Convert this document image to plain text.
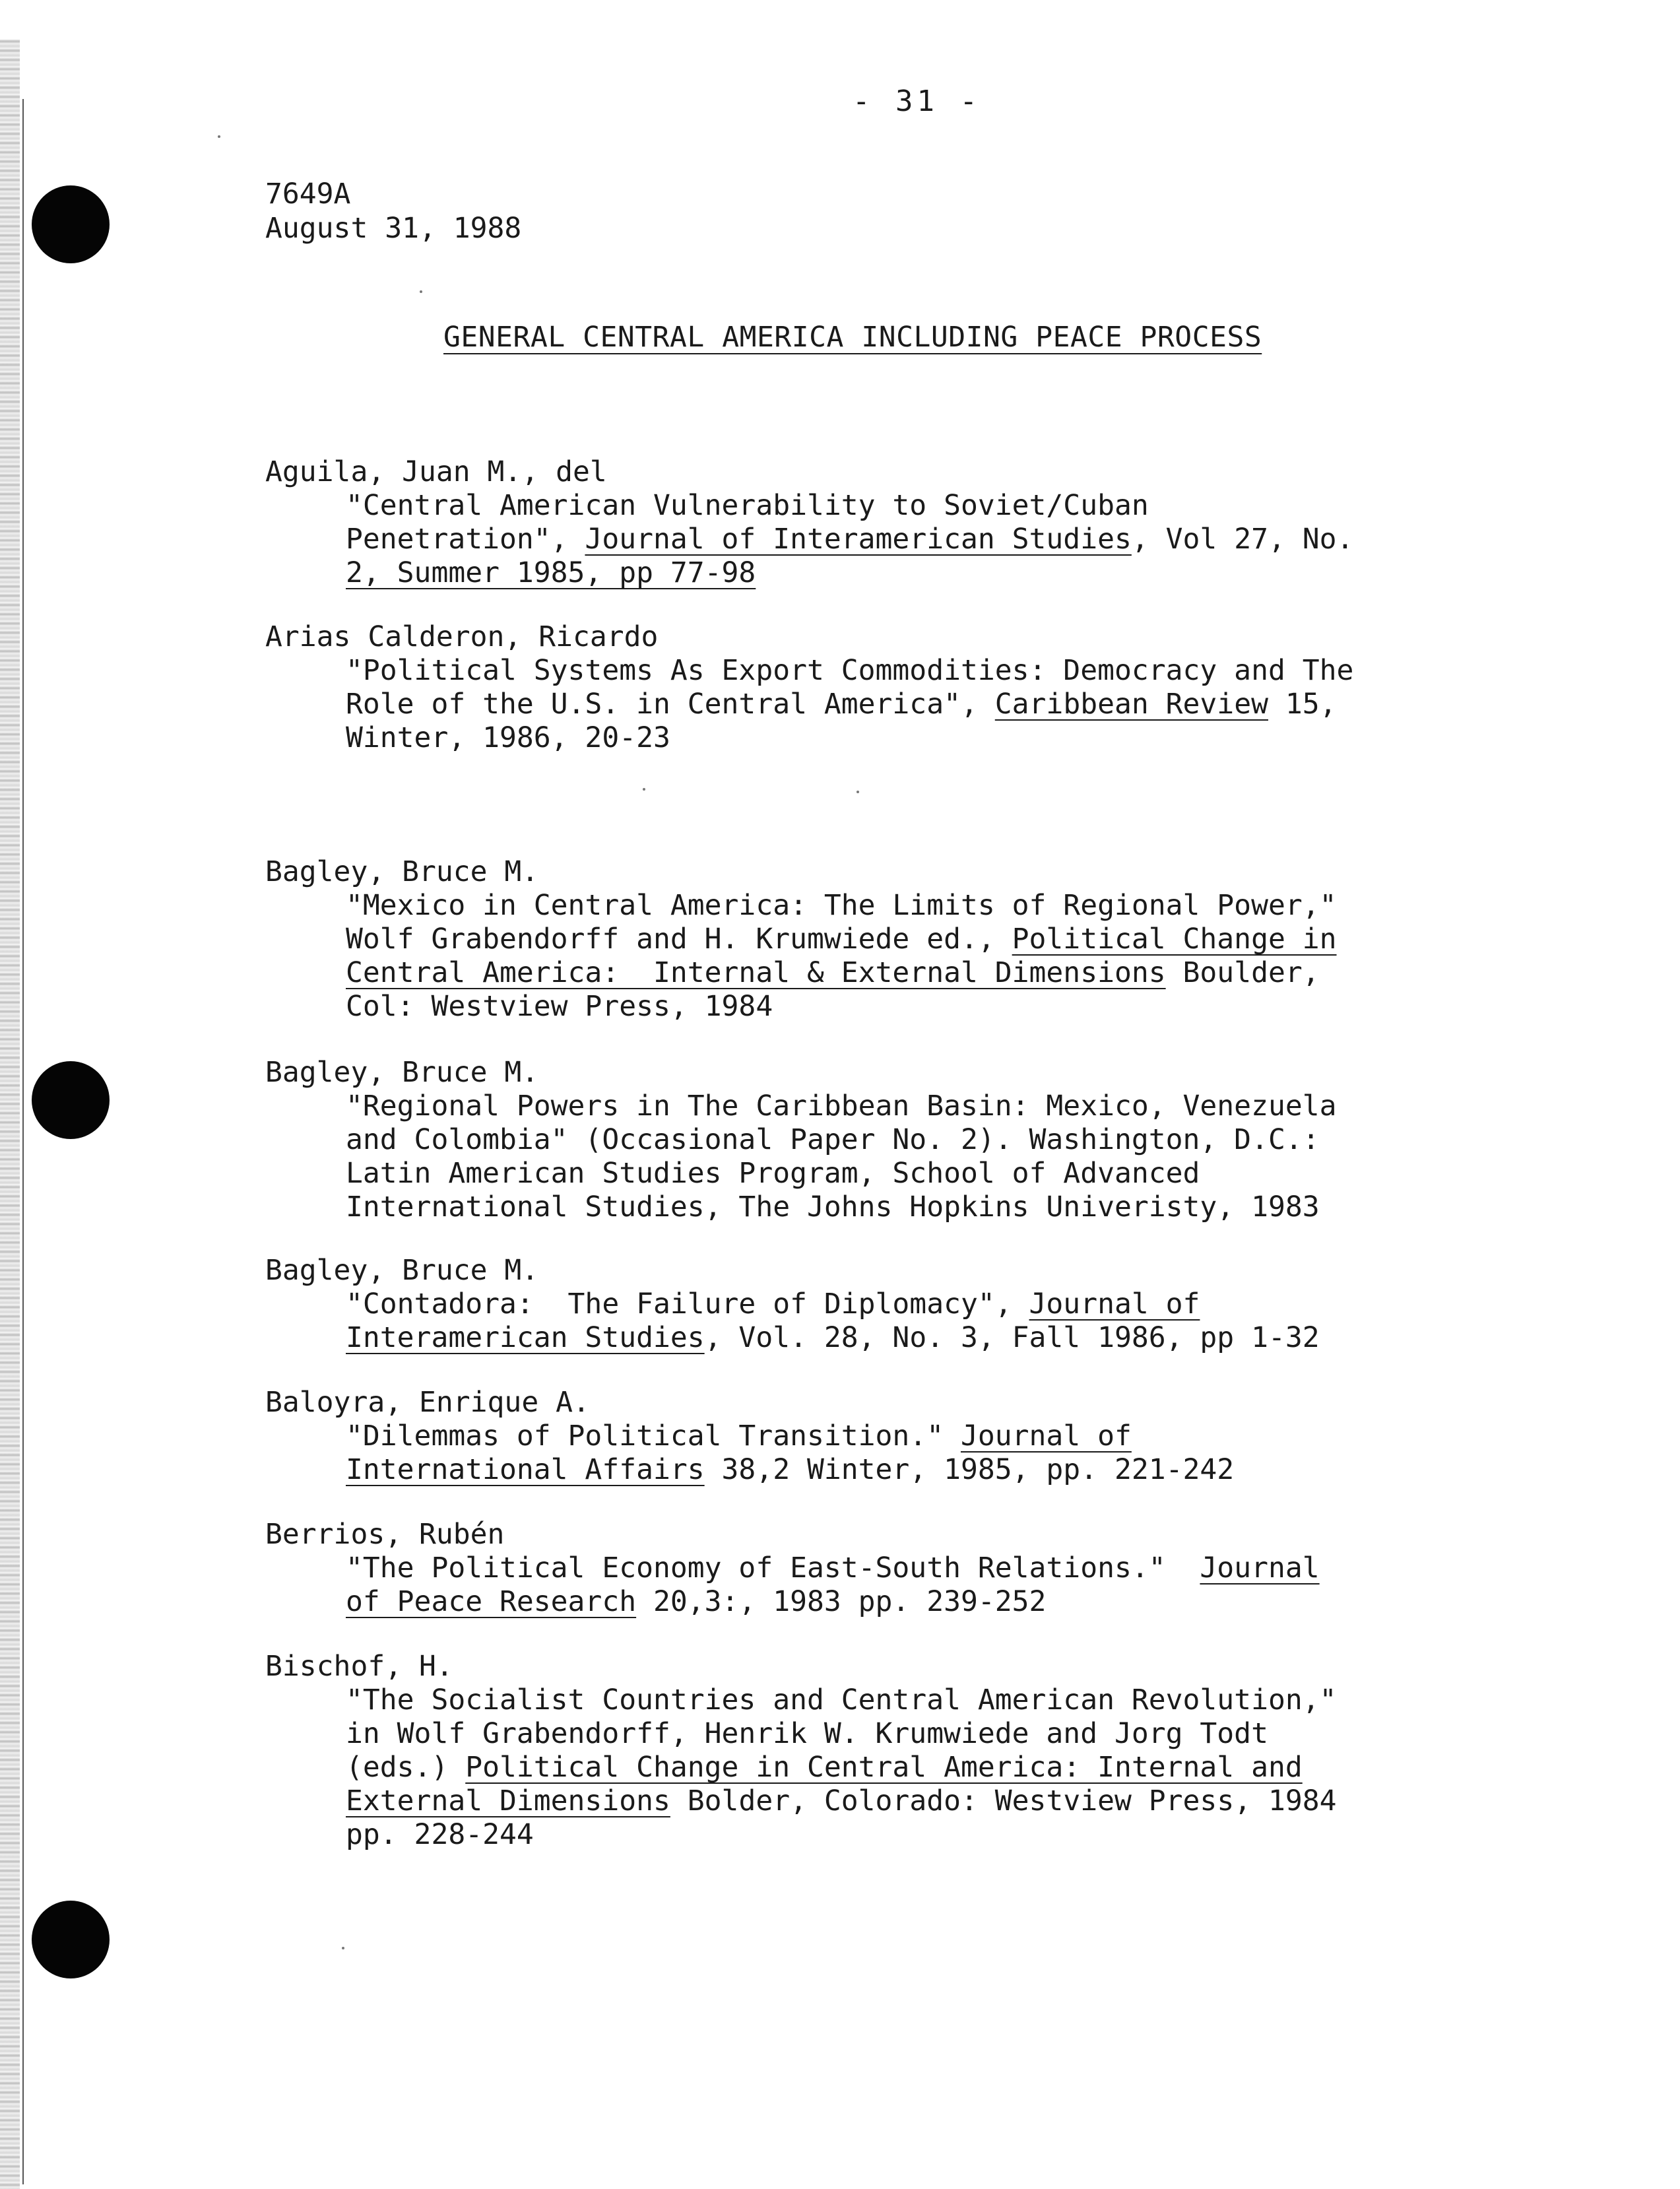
- 31 -
7649A
August 31, 1988
GENERAL CENTRAL AMERICA INCLUDING PEACE PROCESS
Aguila, Juan M., del
"Central American Vulnerability to Soviet/Cuban
Penetration", Journal of Interamerican Studies, Vol 27, No.
2, Summer 1985, pp 77-98
Arias Calderon, Ricardo
"Political Systems As Export Commodities: Democracy and The
Role of the U.S. in Central America", Caribbean Review 15,
Winter, 1986, 20-23
Bagley, Bruce M.
"Mexico in Central America: The Limits of Regional Power,"
Wolf Grabendorff and H. Krumwiede ed., Political Change in
Central America:  Internal & External Dimensions Boulder,
Col: Westview Press, 1984
Bagley, Bruce M.
"Regional Powers in The Caribbean Basin: Mexico, Venezuela
and Colombia" (Occasional Paper No. 2). Washington, D.C.:
Latin American Studies Program, School of Advanced
International Studies, The Johns Hopkins Univeristy, 1983
Bagley, Bruce M.
"Contadora:  The Failure of Diplomacy", Journal of
Interamerican Studies, Vol. 28, No. 3, Fall 1986, pp 1-32
Baloyra, Enrique A.
"Dilemmas of Political Transition." Journal of
International Affairs 38,2 Winter, 1985, pp. 221-242
Berrios, Rubén
"The Political Economy of East-South Relations."  Journal
of Peace Research 20,3:, 1983 pp. 239-252
Bischof, H.
"The Socialist Countries and Central American Revolution,"
in Wolf Grabendorff, Henrik W. Krumwiede and Jorg Todt
(eds.) Political Change in Central America: Internal and
External Dimensions Bolder, Colorado: Westview Press, 1984
pp. 228-244
